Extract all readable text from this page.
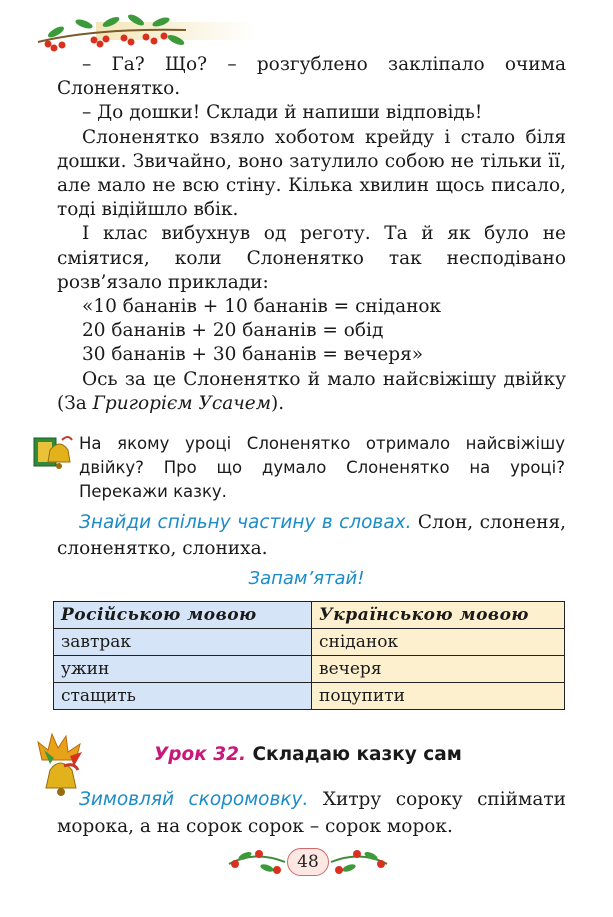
– Га? Що? – розгублено закліпало очима Слоненятко.

– До дошки! Склади й напиши відповідь!

Слоненятко взяло хоботом крейду і стало біля дошки. Звичайно, воно затулило собою не тільки її, але мало не всю стіну. Кілька хвилин щось писало, тоді відійшло вбік.

І клас вибухнув од реготу. Та й як було не сміятися, коли Слоненятко так несподівано розв’язало приклади:

«10 бананів + 10 бананів = сніданок

20 бананів + 20 бананів = обід

30 бананів + 30 бананів = вечеря»

Ось за це Слоненятко й мало найсвіжішу двійку (За Григорієм Усачем).

На якому уроці Слоненятко отримало найсвіжішу двійку? Про що думало Слоненятко на уроці? Перекажи казку.
Знайди спільну частину в словах. Слон, слоненя, слоненятко, слониха.
Запам’ятай!
Російською мовою	Українською мовою
завтрак	сніданок
ужин	вечеря
стащить	поцупити
Урок 32. Складаю казку сам
Зимовляй скоромовку. Хитру сороку спіймати морока, а на сорок сорок – сорок морок.
48
